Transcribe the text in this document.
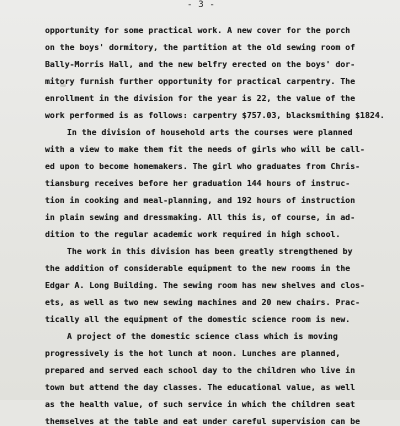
- 3 -
opportunity for some practical work. A new cover for the porch
on the boys' dormitory, the partition at the old sewing room of
Bally-Morris Hall, and the new belfry erected on the boys' dor-
mitory furnish further opportunity for practical carpentry. The
enrollment in the division for the year is 22, the value of the
work performed is as follows: carpentry $757.03, blacksmithing $1824.
In the division of household arts the courses were planned
with a view to make them fit the needs of girls who will be call-
ed upon to become homemakers. The girl who graduates from Chris-
tiansburg receives before her graduation 144 hours of instruc-
tion in cooking and meal-planning, and 192 hours of instruction
in plain sewing and dressmaking. All this is, of course, in ad-
dition to the regular academic work required in high school.
The work in this division has been greatly strengthened by
the addition of considerable equipment to the new rooms in the
Edgar A. Long Building. The sewing room has new shelves and clos-
ets, as well as two new sewing machines and 20 new chairs. Prac-
tically all the equipment of the domestic science room is new.
A project of the domestic science class which is moving
progressively is the hot lunch at noon. Lunches are planned,
prepared and served each school day to the children who live in
town but attend the day classes. The educational value, as well
as the health value, of such service in which the children seat
themselves at the table and eat under careful supervision can be
